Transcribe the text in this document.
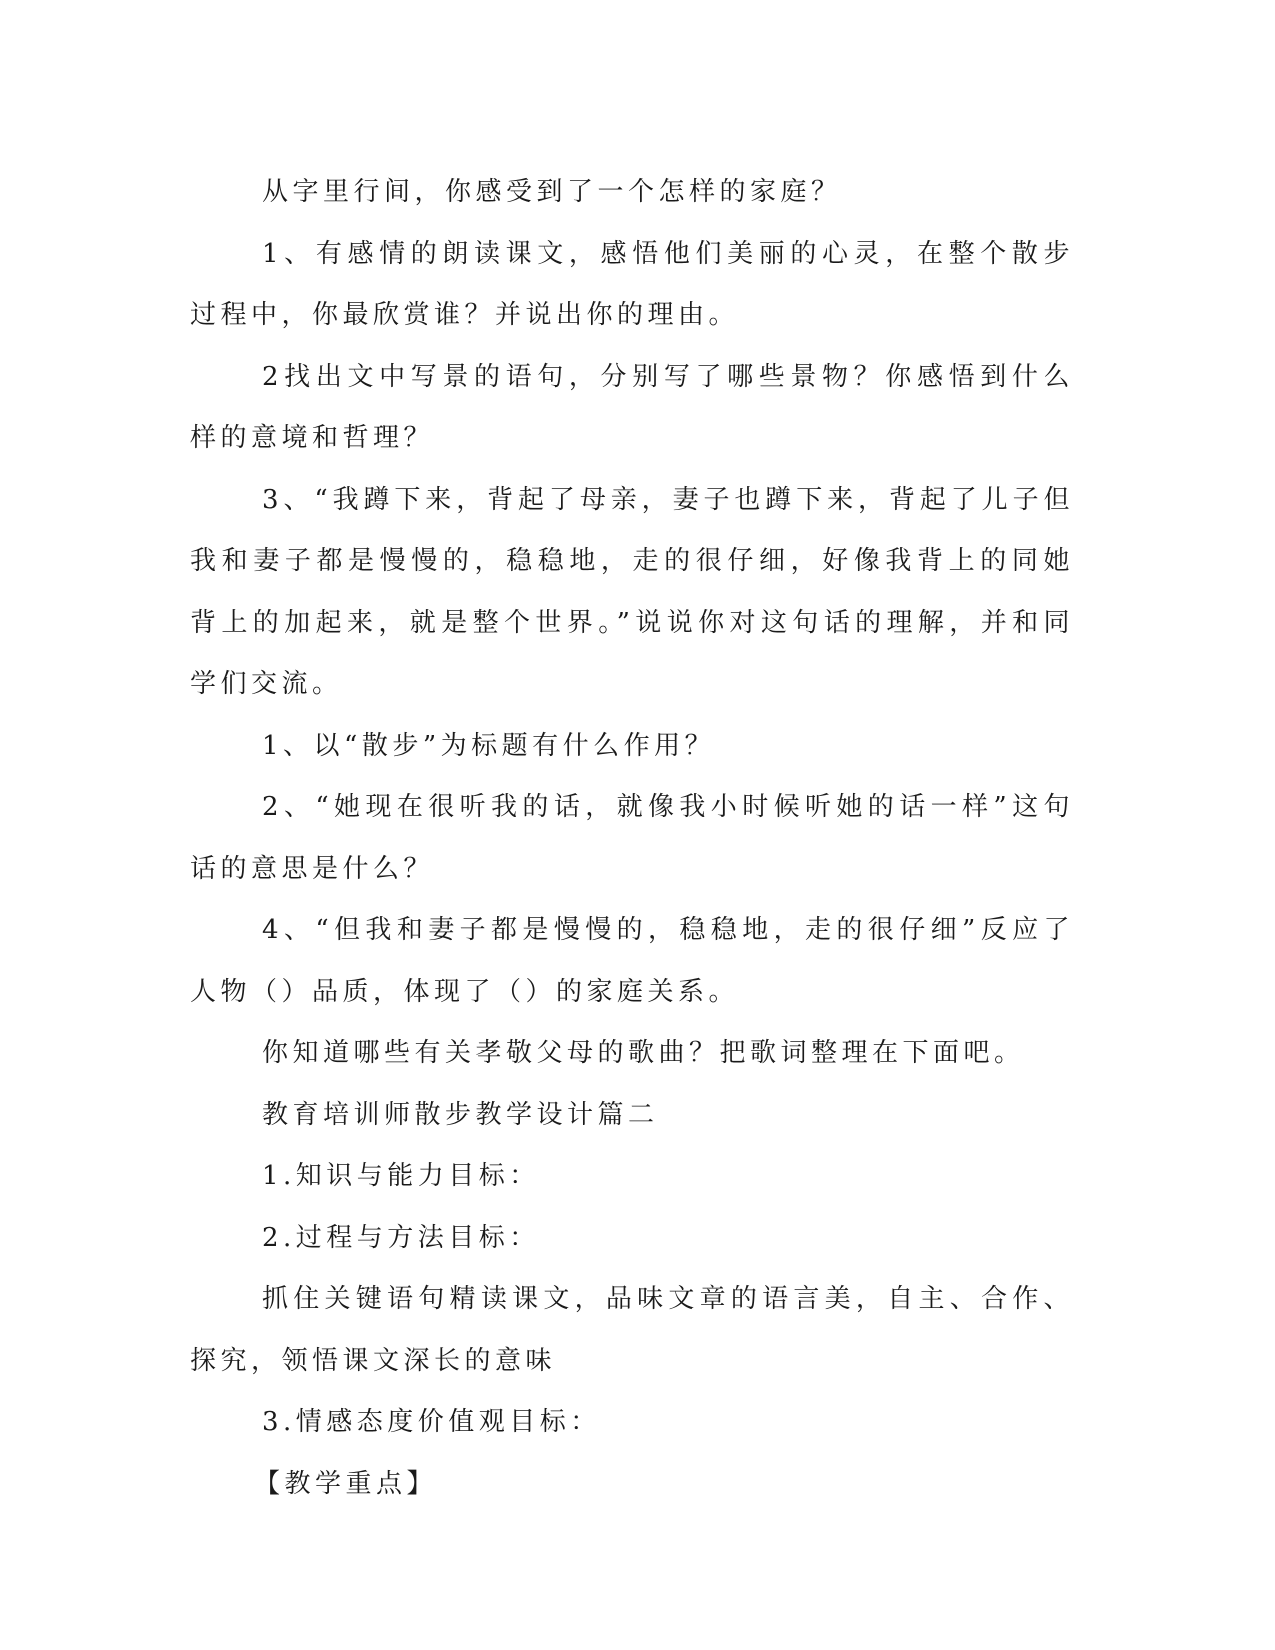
从字里行间，你感受到了一个怎样的家庭？

1、有感情的朗读课文，感悟他们美丽的心灵，在整个散步过程中，你最欣赏谁？并说出你的理由。

2找出文中写景的语句，分别写了哪些景物？你感悟到什么样的意境和哲理？

3、“我蹲下来，背起了母亲，妻子也蹲下来，背起了儿子但我和妻子都是慢慢的，稳稳地，走的很仔细，好像我背上的同她背上的加起来，就是整个世界。”说说你对这句话的理解，并和同学们交流。

1、以“散步”为标题有什么作用？

2、“她现在很听我的话，就像我小时候听她的话一样”这句话的意思是什么？

4、“但我和妻子都是慢慢的，稳稳地，走的很仔细”反应了人物（）品质，体现了（）的家庭关系。

你知道哪些有关孝敬父母的歌曲？把歌词整理在下面吧。

教育培训师散步教学设计篇二

1.知识与能力目标：

2.过程与方法目标：

抓住关键语句精读课文，品味文章的语言美，自主、合作、探究，领悟课文深长的意味

3.情感态度价值观目标：

【教学重点】
